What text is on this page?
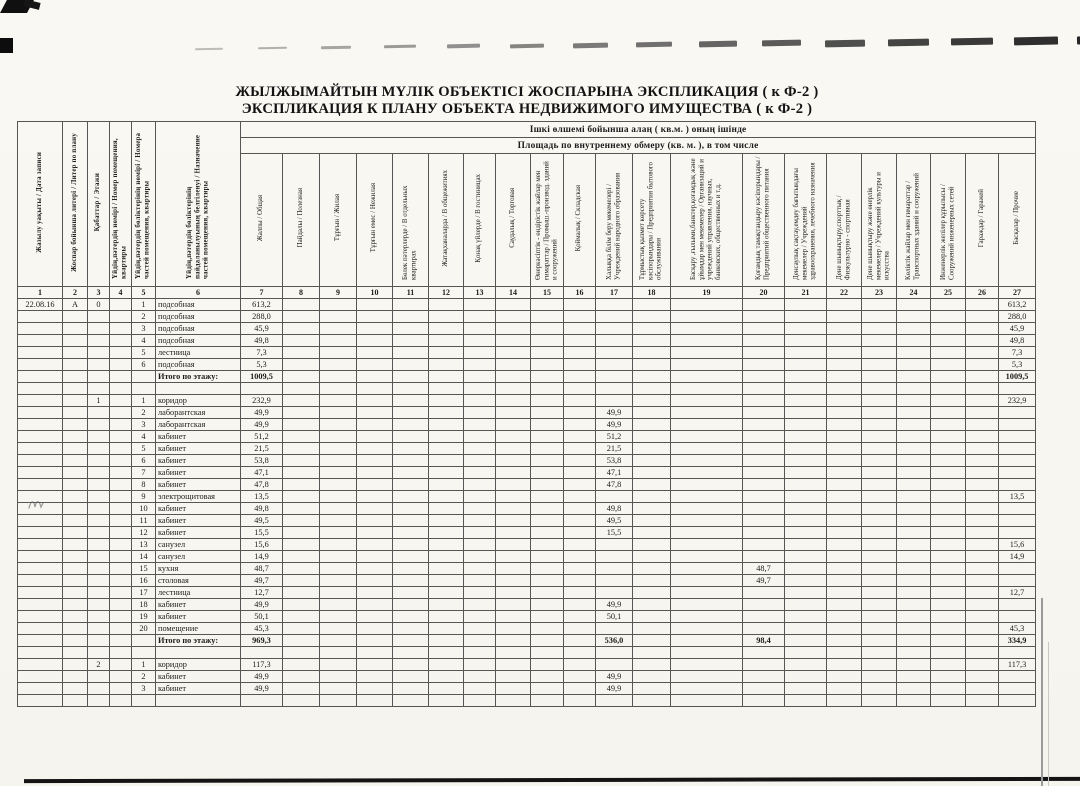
ЖЫЛЖЫМАЙТЫН МҮЛІК ОБЪЕКТІСІ ЖОСПАРЫНА ЭКСПЛИКАЦИЯ ( к Ф-2 )
ЭКСПЛИКАЦИЯ К ПЛАНУ ОБЪЕКТА НЕДВИЖИМОГО ИМУЩЕСТВА ( к Ф-2 )
Жазылу уақыты / Дата записи	Жоспар бойынша литері / Литер по плану	Қабаттар / Этажи	Үйдің,пәтердің нөмірі / Номер помещения, квартиры	Үйдің,пәтердің бөліктерінің нөмірі / Номера частей помещения, квартиры	Үйдің,пәтердің бөліктерінің пайдаланылуының белгіленуі / Назначение частей помещения, квартиры	Ішкі өлшемі бойынша алаң ( кв.м. ) оның ішінде																				
						Площадь по внутреннему обмеру (кв. м. ), в том числе																				

						Жалпы / Общая	Пайдалы / Полезная	Тұрғын / Жилая	Тұрғын емес / Нежилая	Бөлек пәтерлерде / В отдельных квартирах	Жатақханаларда / В общежитиях	Қонақ үйлерде / В гостиницах	Саудалық / Торговая	Өнеркәсіптік - өндірістік жайлар мен ғимараттар / Промыш.-производ. зданий и сооружений	Қоймалық / Складская	Халыққа білім беру мекемелері / Учреждений народного образования	Тұрмыстық қызмет көрсету кәсіпорындары / Предприятия бытового обслуживания	Басқару ,ғылыми,банктер,қоғамдық және ұйымдар мен мекемелер / Организаций и учреждений управления, научных, банковских, общественных и т.д.	Қоғамдық тамақтандыру кәсіпорындары / Предприятий общественного питания	Денсаулық сақтау,емдеу бағытындағы мекемелер / Учреждений здравоохранения, лечебного назначения	Дене шынықтыру,спорттық / Физкультурно - спортивная	Дене шынықтыру және өнерлік мекемелер / Учреждений культуры и искусства	Көліктік жайлар мен ғимараттар / Транспортных зданий и сооружений	Инженерлік желілер құрылысы / Сооружений инженерных сетей	Гараждар / Гаражей	Басқалар / Прочие

1	2	3	4	5	6	7	8	9	10	11	12	13	14	15	16	17	18	19	20	21	22	23	24	25	26	27
22.08.16	А	0		1	подсобная	613,2																				613,2
				2	подсобная	288,0																				288,0
				3	подсобная	45,9																				45,9
				4	подсобная	49,8																				49,8
				5	лестница	7,3																				7,3
				6	подсобная	5,3																				5,3
					Итого по этажу:	1009,5																				1009,5

		1		1	коридор	232,9																				232,9
				2	лаборантская	49,9										49,9										
				3	лаборантская	49,9										49,9										
				4	кабинет	51,2										51,2										
				5	кабинет	21,5										21,5										
				6	кабинет	53,8										53,8										
				7	кабинет	47,1										47,1										
				8	кабинет	47,8										47,8										
				9	электрощитовая	13,5																				13,5
				10	кабинет	49,8										49,8										
				11	кабинет	49,5										49,5										
				12	кабинет	15,5										15,5										
				13	санузел	15,6																				15,6
				14	санузел	14,9																				14,9
				15	кухня	48,7													48,7							
				16	столовая	49,7													49,7							
				17	лестница	12,7																				12,7
				18	кабинет	49,9										49,9										
				19	кабинет	50,1										50,1										
				20	помещение	45,3																				45,3
					Итого по этажу:	969,3										536,0			98,4							334,9

		2		1	коридор	117,3																				117,3
				2	кабинет	49,9										49,9										
				3	кабинет	49,9										49,9										
